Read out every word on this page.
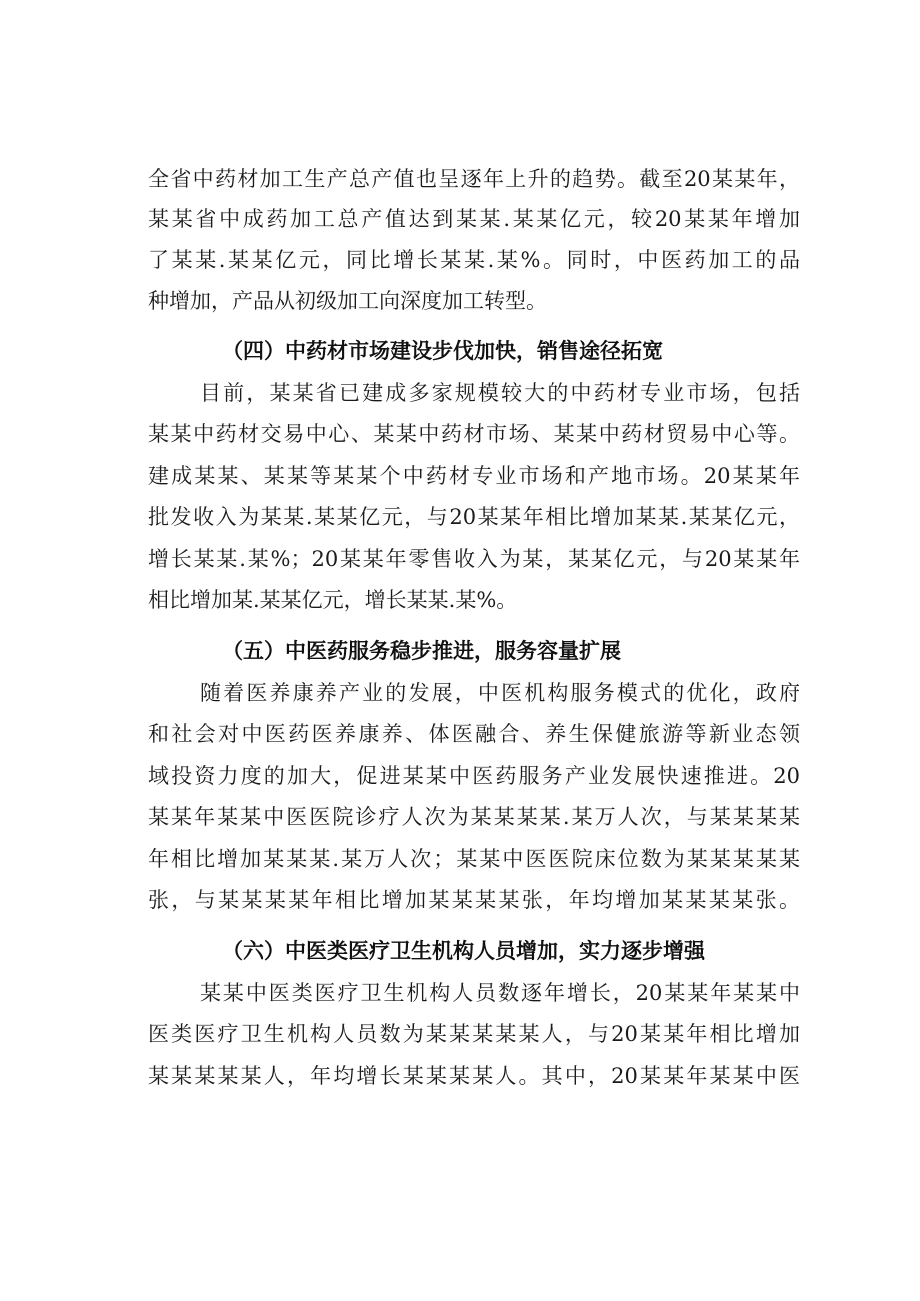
全省中药材加工生产总产值也呈逐年上升的趋势。截至20某某年，
某某省中成药加工总产值达到某某.某某亿元，较20某某年增加
了某某.某某亿元，同比增长某某.某%。同时，中医药加工的品
种增加，产品从初级加工向深度加工转型。
（四）中药材市场建设步伐加快，销售途径拓宽
目前，某某省已建成多家规模较大的中药材专业市场，包括
某某中药材交易中心、某某中药材市场、某某中药材贸易中心等。
建成某某、某某等某某个中药材专业市场和产地市场。20某某年
批发收入为某某.某某亿元，与20某某年相比增加某某.某某亿元，
增长某某.某%；20某某年零售收入为某，某某亿元，与20某某年
相比增加某.某某亿元，增长某某.某%。
（五）中医药服务稳步推进，服务容量扩展
随着医养康养产业的发展，中医机构服务模式的优化，政府
和社会对中医药医养康养、体医融合、养生保健旅游等新业态领
域投资力度的加大，促进某某中医药服务产业发展快速推进。20
某某年某某中医医院诊疗人次为某某某某.某万人次，与某某某某
年相比增加某某某.某万人次；某某中医医院床位数为某某某某某
张，与某某某某年相比增加某某某某张，年均增加某某某某张。
（六）中医类医疗卫生机构人员增加，实力逐步增强
某某中医类医疗卫生机构人员数逐年增长，20某某年某某中
医类医疗卫生机构人员数为某某某某某人，与20某某年相比增加
某某某某某人，年均增长某某某某人。其中，20某某年某某中医
